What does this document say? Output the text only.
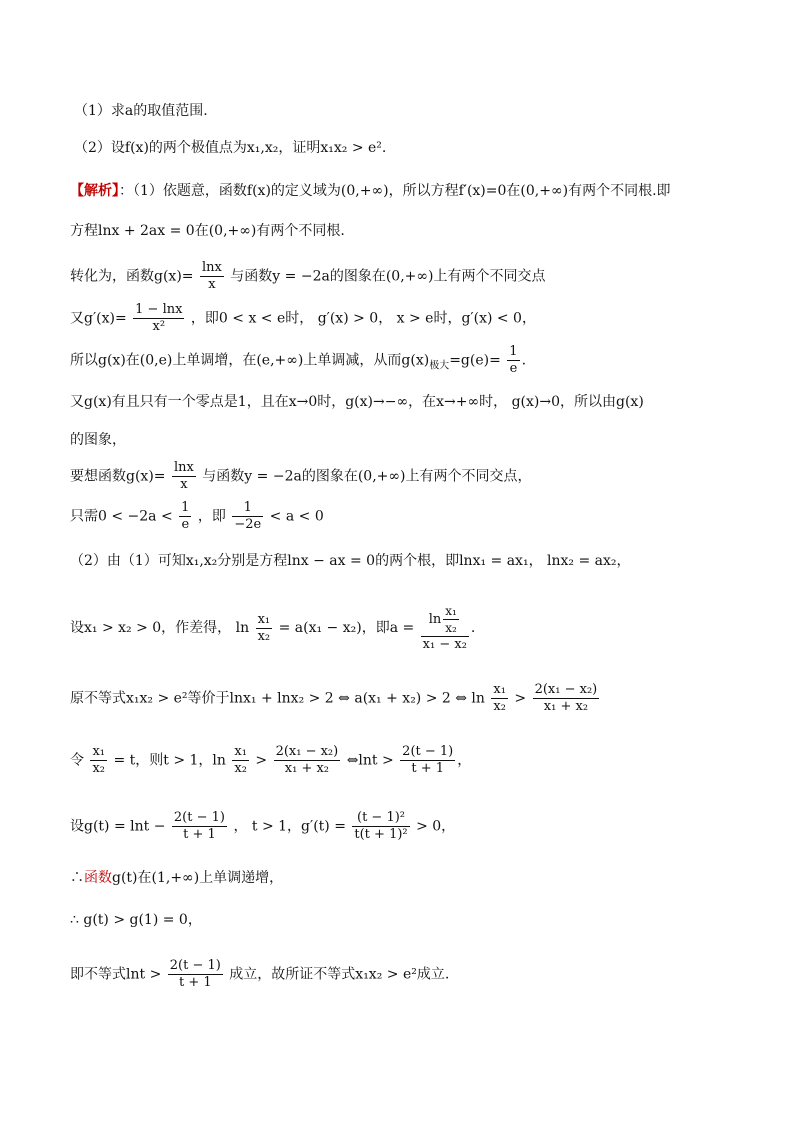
（1）求a的取值范围.
（2）设f(x)的两个极值点为x₁,x₂，证明x₁x₂ > e².
【解析】：（1）依题意，函数f(x)的定义域为(0,+∞)，所以方程f′(x)=0在(0,+∞)有两个不同根.即
方程lnx + 2ax = 0在(0,+∞)有两个不同根.
转化为，函数$g(x)= \frac{\ln x}{x}$ 与函数y = −2a的图象在(0,+∞)上有两个不同交点
又$g'(x)= \frac{1 - \ln x}{\text{x²}}$ ，即0 < x < e时， g′(x) > 0， x > e时，g′(x) < 0，
所以g(x)在(0,e)上单调增，在(e,+∞)上单调减，从而$g(x)_{极大}=g(e)= \frac{1}{e}$ .
又g(x)有且只有一个零点是1，且在x→0时，g(x)→−∞，在x→+∞时， g(x)→0，所以由g(x)
的图象，
要想函数$g(x)= \frac{\ln x}{x}$ 与函数y = −2a的图象在(0,+∞)上有两个不同交点，
只需$0 < -2a < \frac{1}{e}$ ，即 $\frac{1}{-2e} < a < 0$
（2）由（1）可知x₁,x₂分别是方程lnx − ax = 0的两个根，即lnx₁ = ax₁， lnx₂ = ax₂，
设x₁ > x₂ > 0，作差得， $\ln \frac{\text{x₁}}{\text{x₂}} = a(x_1 - x_2)$，即$a = \frac{\ln \frac{\text{x₁}}{\text{x₂}}}{\text{x₁ − x₂}}$ .
原不等式x₁x₂ > e²等价于lnx₁ + lnx₂ > 2 ⇔ a(x₁ + x₂) > 2 ⇔ $\ln \frac{\text{x₁}}{\text{x₂}} > \frac{\text{2(x₁ − x₂)}}{\text{x₁ + x₂}}$
令 $\frac{\text{x₁}}{\text{x₂}} = t$，则t > 1，$\ln \frac{\text{x₁}}{\text{x₂}} > \frac{\text{2(x₁ − x₂)}}{\text{x₁ + x₂}}$ ⇔lnt > $\frac{2(t - 1)}{t + 1}$ ，
设$g(t) = \ln t - \frac{2(t - 1)}{t + 1}$ ， t > 1，$g'(t) = \frac{\text{(t − 1)²}}{\text{t(t + 1)²}} > 0$，
∴函数g(t)在(1,+∞)上单调递增，
∴ g(t) > g(1) = 0，
即不等式$\ln t > \frac{2(t - 1)}{t + 1}$ 成立，故所证不等式x₁x₂ > e²成立.
